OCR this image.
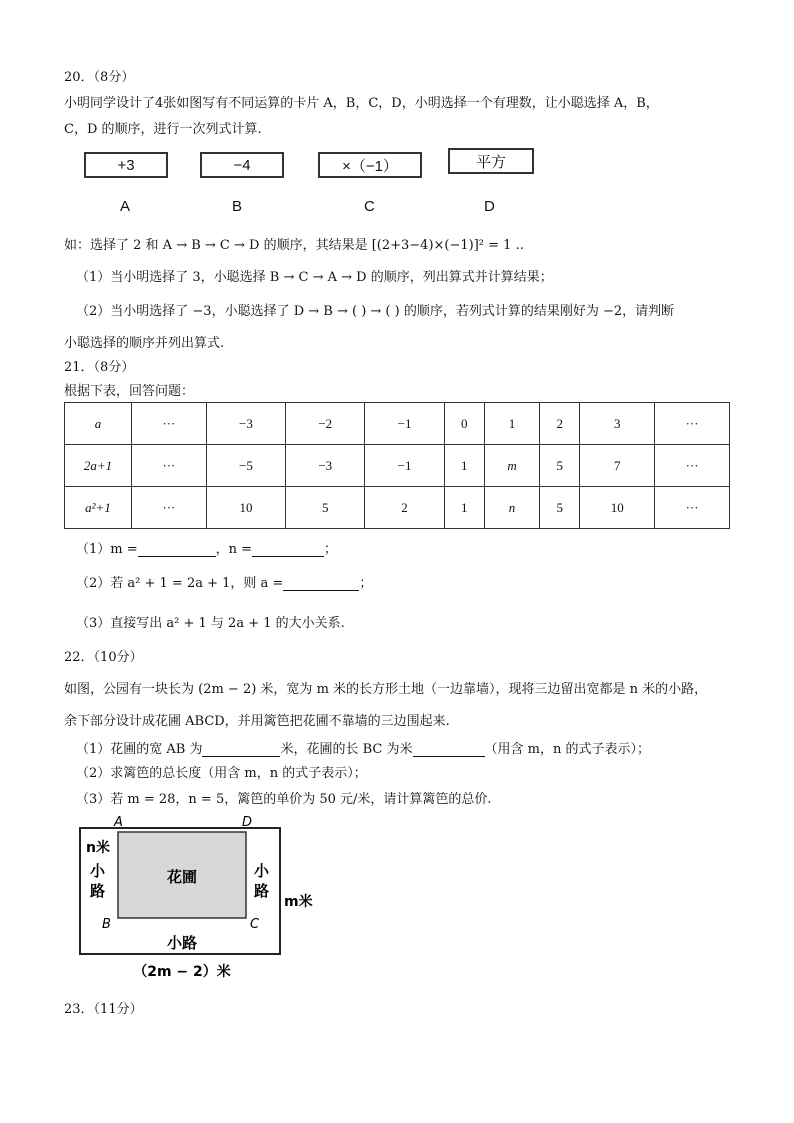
20．（8分）
小明同学设计了4张如图写有不同运算的卡片 A，B，C，D，小明选择一个有理数，让小聪选择 A，B，
C，D 的顺序，进行一次列式计算.
+3	−4	×（−1）	平方
A	B	C	D
如：选择了 2 和 A → B → C → D 的顺序，其结果是 [(2+3−4)×(−1)]² = 1 ..
（1）当小明选择了 3，小聪选择 B → C → A → D 的顺序，列出算式并计算结果；
（2）当小明选择了 −3，小聪选择了 D → B → ( ) → ( ) 的顺序，若列式计算的结果刚好为 −2，请判断
小聪选择的顺序并列出算式.
21．（8分）
根据下表，回答问题：
a	···	−3	−2	−1	0	1	2	3	···
2a+1	···	−5	−3	−1	1	m	5	7	···
a²+1	···	10	5	2	1	n	5	10	···
（1）m =	，n =	；
（2）若 a² + 1 = 2a + 1，则 a =	；
（3）直接写出 a² + 1 与 2a + 1 的大小关系.
22．（10分）
如图，公园有一块长为 (2m − 2) 米，宽为 m 米的长方形土地（一边靠墙），现将三边留出宽都是 n 米的小路，
余下部分设计成花圃 ABCD，并用篱笆把花圃不靠墙的三边围起来.
（1）花圃的宽 AB 为	米，花圃的长 BC 为米	（用含 m，n 的式子表示）；
（2）求篱笆的总长度（用含 m，n 的式子表示）；
（3）若 m = 28，n = 5，篱笆的单价为 50 元/米，请计算篱笆的总价.
花圃
A	D
B	C
n米
小
路
小
路
小路
m米
（2m − 2）米
23．（11分）
